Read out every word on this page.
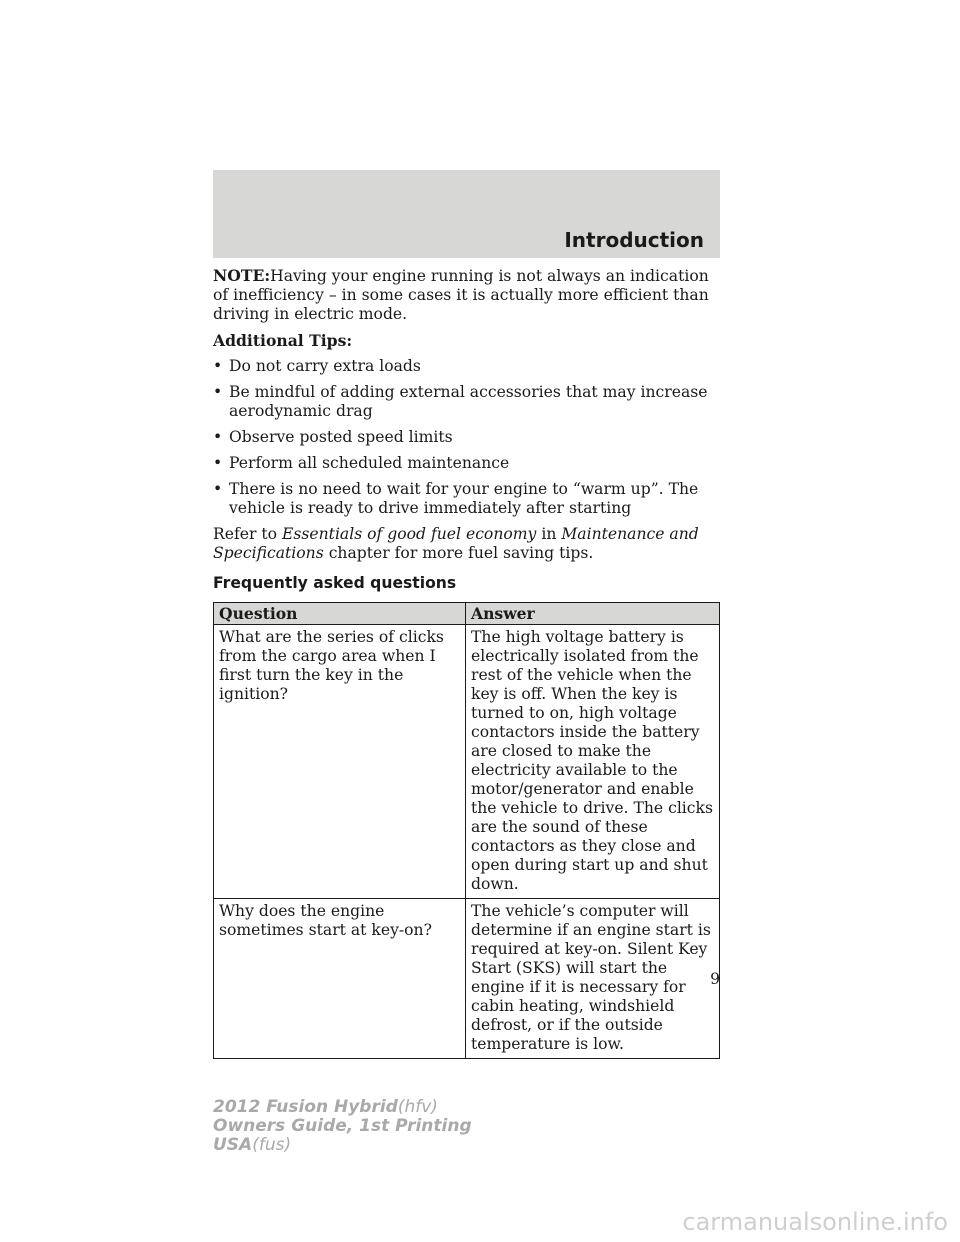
Introduction

NOTE:Having your engine running is not always an indication of inefficiency – in some cases it is actually more efficient than driving in electric mode.

Additional Tips:

• Do not carry extra loads
• Be mindful of adding external accessories that may increase aerodynamic drag
• Observe posted speed limits
• Perform all scheduled maintenance
• There is no need to wait for your engine to “warm up”. The vehicle is ready to drive immediately after starting

Refer to Essentials of good fuel economy in Maintenance and Specifications chapter for more fuel saving tips.

Frequently asked questions
Question	Answer
What are the series of clicks from the cargo area when I first turn the key in the ignition?	The high voltage battery is electrically isolated from the rest of the vehicle when the key is off. When the key is turned to on, high voltage contactors inside the battery are closed to make the electricity available to the motor/generator and enable the vehicle to drive. The clicks are the sound of these contactors as they close and open during start up and shut down.
Why does the engine sometimes start at key-on?	The vehicle’s computer will determine if an engine start is required at key-on. Silent Key Start (SKS) will start the engine if it is necessary for cabin heating, windshield defrost, or if the outside temperature is low.
9
2012 Fusion Hybrid(hfv)
Owners Guide, 1st Printing
USA(fus)
carmanualsonline.info
